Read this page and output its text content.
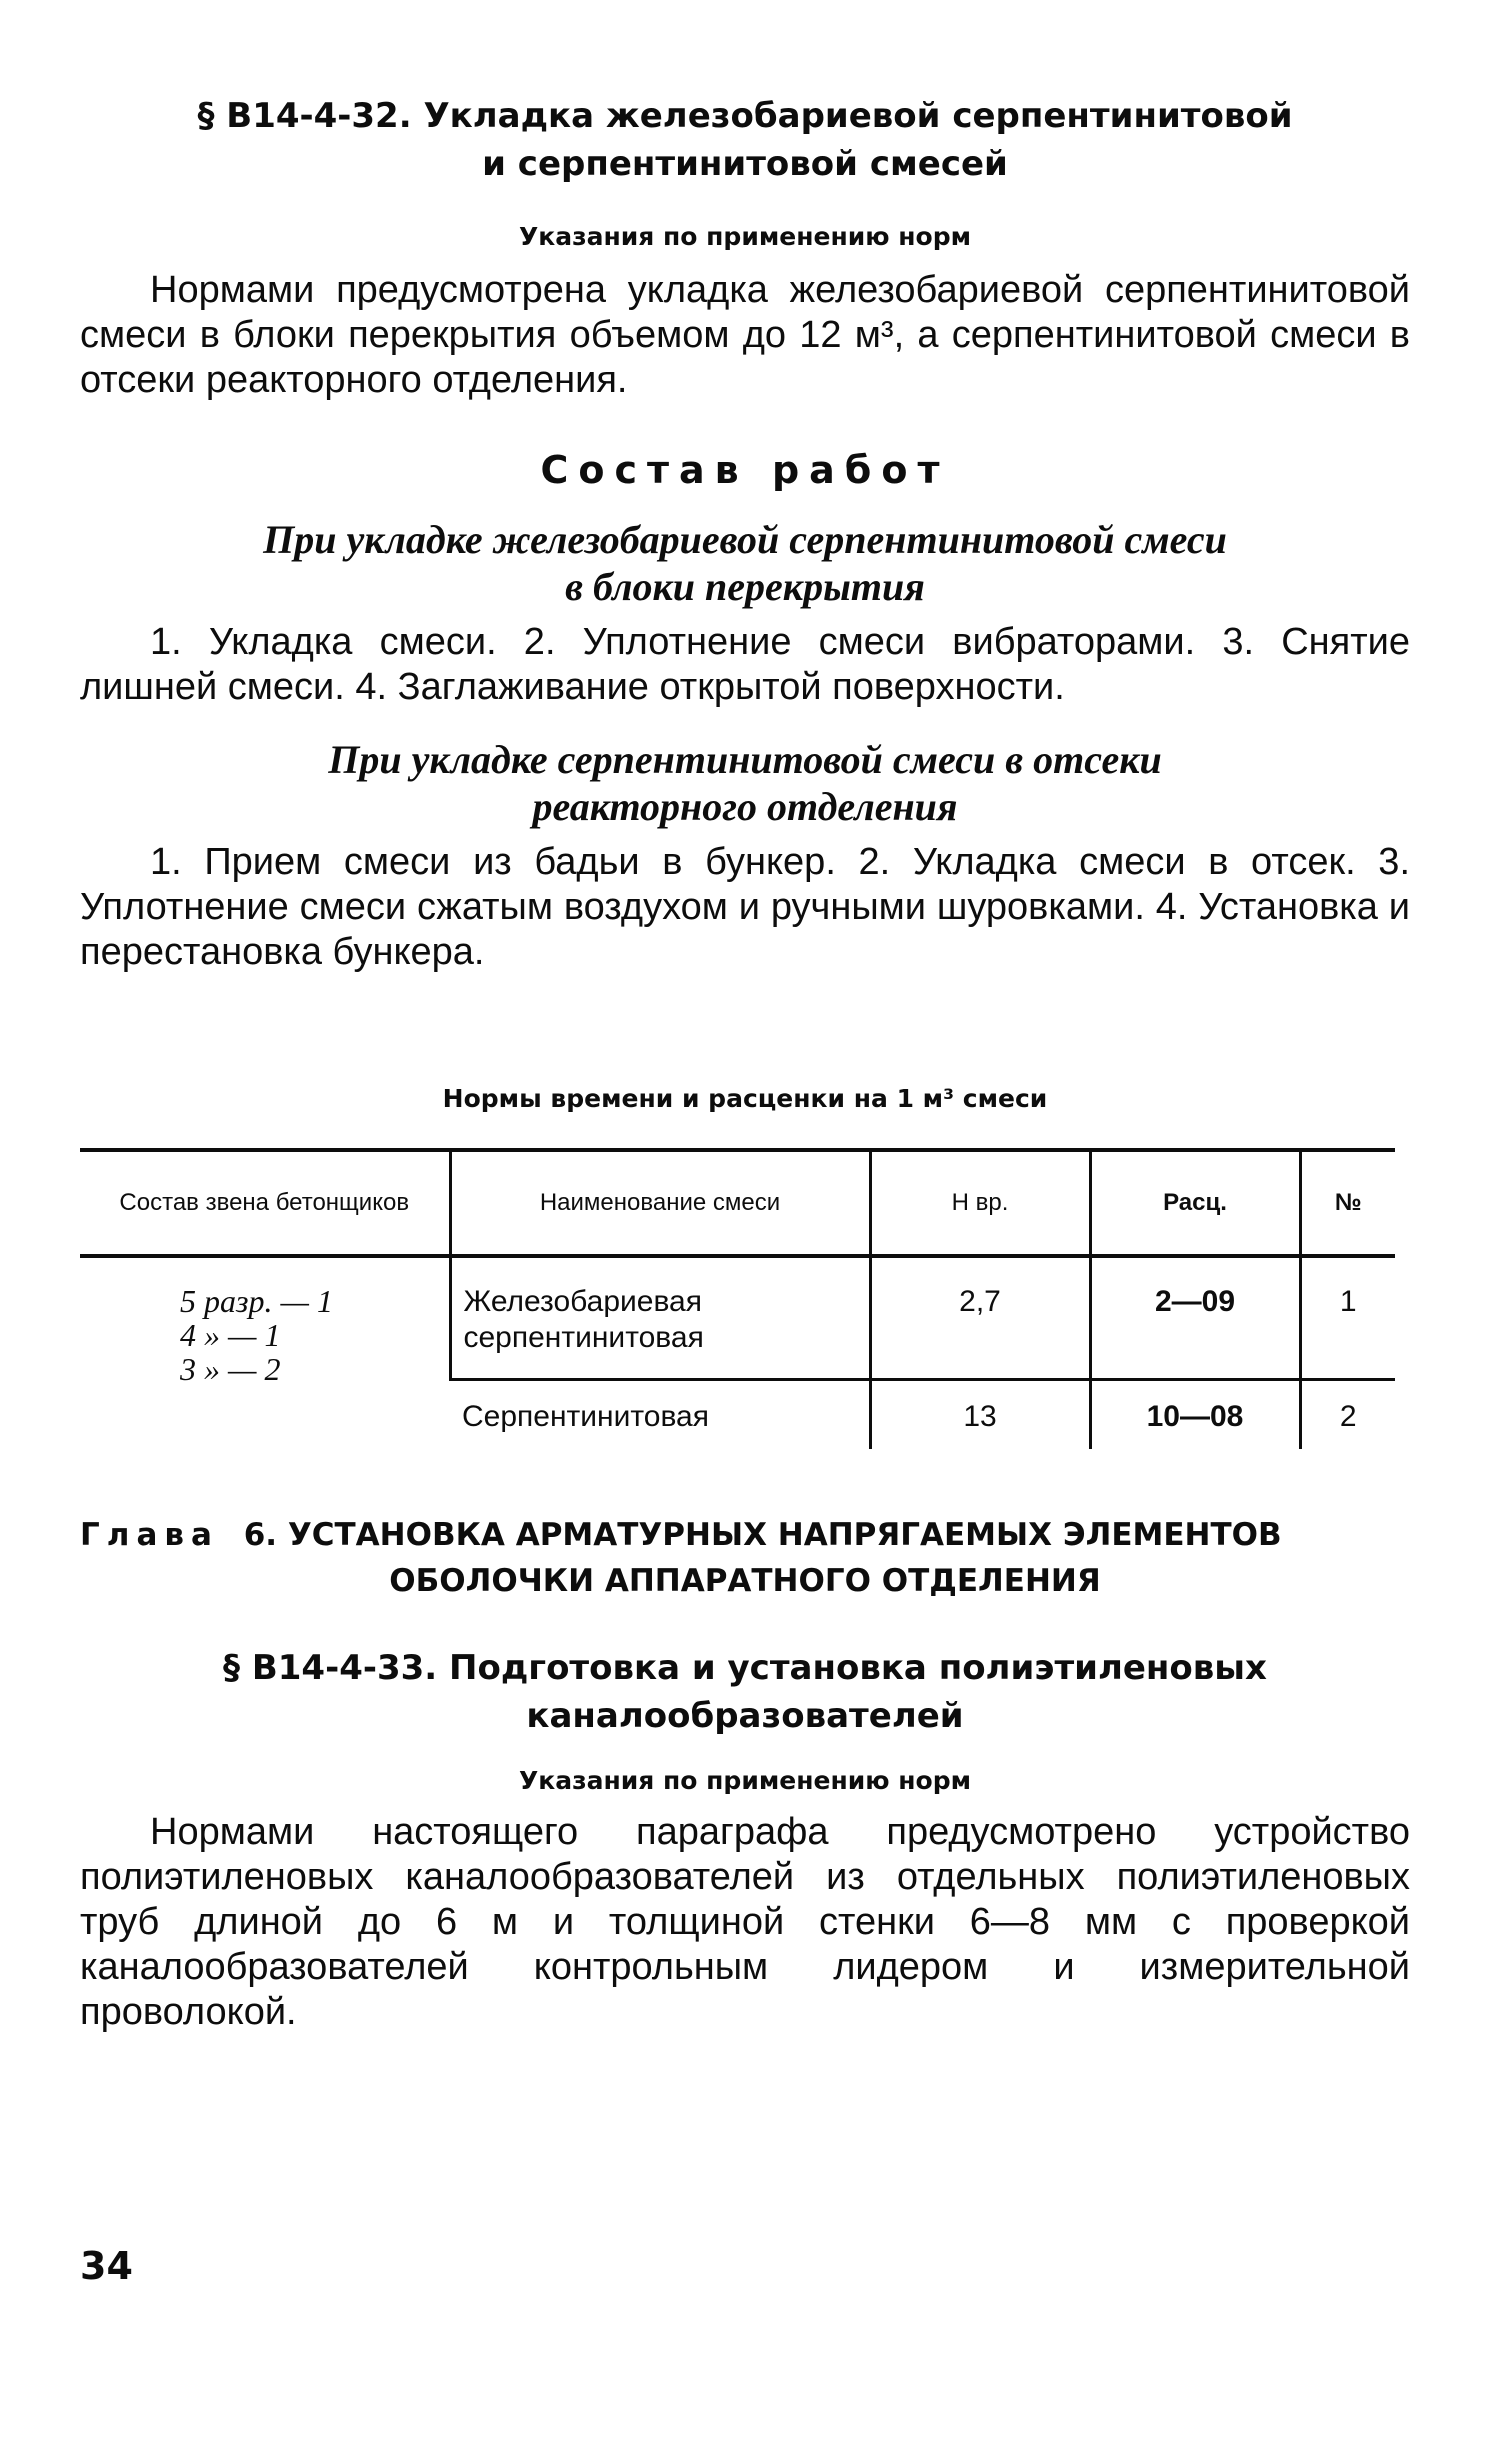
§ В14-4-32. Укладка железобариевой серпентинитовой
и серпентинитовой смесей
Указания по применению норм

Нормами предусмотрена укладка железобариевой серпентинитовой смеси в блоки перекрытия объемом до 12 м³, а серпентинитовой смеси в отсеки реакторного отделения.

Состав работ
При укладке железобариевой серпентинитовой смеси
в блоки перекрытия

1. Укладка смеси. 2. Уплотнение смеси вибраторами. 3. Снятие лишней смеси. 4. Заглаживание открытой поверхности.

При укладке серпентинитовой смеси в отсеки
реакторного отделения

1. Прием смеси из бадьи в бункер. 2. Укладка смеси в отсек. 3. Уплотнение смеси сжатым воздухом и ручными шуровками. 4. Установка и перестановка бункера.

Нормы времени и расценки на 1 м³ смеси
Состав звена бетонщиков	Наименование смеси	Н вр.	Расц.	№

5 разр. — 1
4 » — 1
3 » — 2	Железобариевая серпентинитовая	2,7	2—09	1
	Серпентинитовая	13	10—08	2
Глава 6. УСТАНОВКА АРМАТУРНЫХ НАПРЯГАЕМЫХ ЭЛЕМЕНТОВ
ОБОЛОЧКИ АППАРАТНОГО ОТДЕЛЕНИЯ
§ В14-4-33. Подготовка и установка полиэтиленовых
каналообразователей
Указания по применению норм

Нормами настоящего параграфа предусмотрено устройство полиэтиленовых каналообразователей из отдельных полиэтиленовых труб длиной до 6 м и толщиной стенки 6—8 мм с проверкой каналообразователей контрольным лидером и измерительной проволокой.

34
